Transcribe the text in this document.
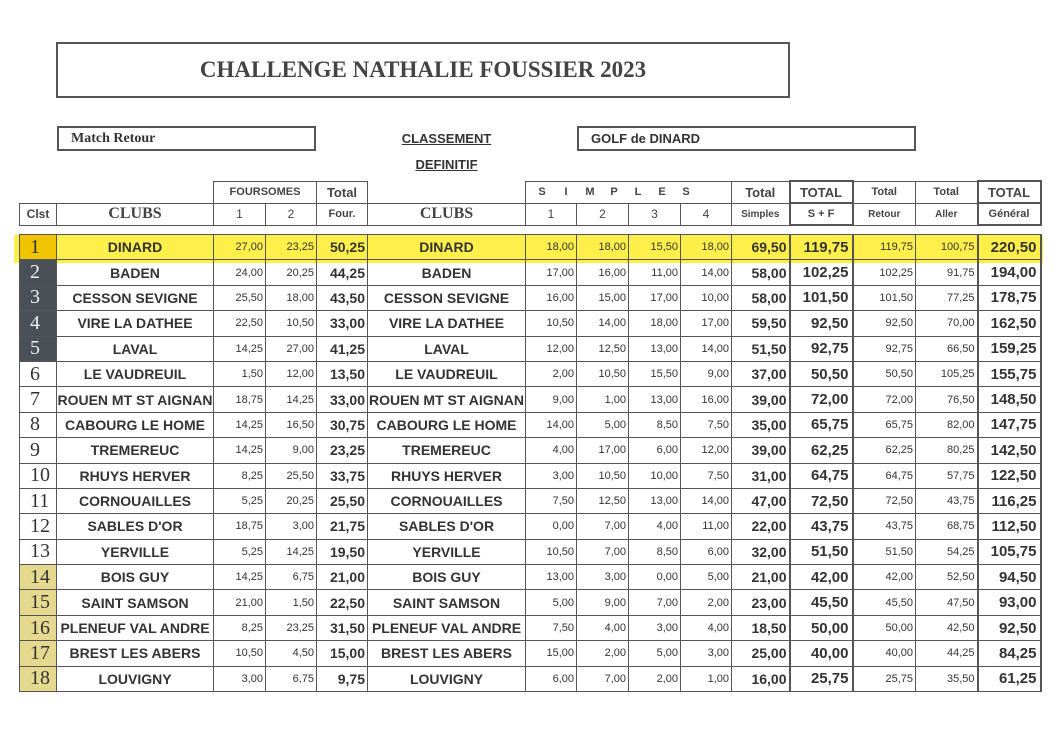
CHALLENGE NATHALIE FOUSSIER 2023
Match Retour	CLASSEMENT
DEFINITIF
GOLF de DINARD
		FOURSOMES		Total		S I M P L E S				Total	TOTAL	Total	Total	TOTAL
Clst	CLUBS	1	2	Four.	CLUBS	1	2	3	4	Simples	S + F	Retour	Aller	Général

1	DINARD	27,00	23,25	50,25	DINARD	18,00	18,00	15,50	18,00	69,50	119,75	119,75	100,75	220,50
2	BADEN	24,00	20,25	44,25	BADEN	17,00	16,00	11,00	14,00	58,00	102,25	102,25	91,75	194,00
3	CESSON SEVIGNE	25,50	18,00	43,50	CESSON SEVIGNE	16,00	15,00	17,00	10,00	58,00	101,50	101,50	77,25	178,75
4	VIRE LA DATHEE	22,50	10,50	33,00	VIRE LA DATHEE	10,50	14,00	18,00	17,00	59,50	92,50	92,50	70,00	162,50
5	LAVAL	14,25	27,00	41,25	LAVAL	12,00	12,50	13,00	14,00	51,50	92,75	92,75	66,50	159,25
6	LE VAUDREUIL	1,50	12,00	13,50	LE VAUDREUIL	2,00	10,50	15,50	9,00	37,00	50,50	50,50	105,25	155,75
7	ROUEN MT ST AIGNAN	18,75	14,25	33,00	ROUEN MT ST AIGNAN	9,00	1,00	13,00	16,00	39,00	72,00	72,00	76,50	148,50
8	CABOURG LE HOME	14,25	16,50	30,75	CABOURG LE HOME	14,00	5,00	8,50	7,50	35,00	65,75	65,75	82,00	147,75
9	TREMEREUC	14,25	9,00	23,25	TREMEREUC	4,00	17,00	6,00	12,00	39,00	62,25	62,25	80,25	142,50
10	RHUYS HERVER	8,25	25,50	33,75	RHUYS HERVER	3,00	10,50	10,00	7,50	31,00	64,75	64,75	57,75	122,50
11	CORNOUAILLES	5,25	20,25	25,50	CORNOUAILLES	7,50	12,50	13,00	14,00	47,00	72,50	72,50	43,75	116,25
12	SABLES D'OR	18,75	3,00	21,75	SABLES D'OR	0,00	7,00	4,00	11,00	22,00	43,75	43,75	68,75	112,50
13	YERVILLE	5,25	14,25	19,50	YERVILLE	10,50	7,00	8,50	6,00	32,00	51,50	51,50	54,25	105,75
14	BOIS GUY	14,25	6,75	21,00	BOIS GUY	13,00	3,00	0,00	5,00	21,00	42,00	42,00	52,50	94,50
15	SAINT SAMSON	21,00	1,50	22,50	SAINT SAMSON	5,00	9,00	7,00	2,00	23,00	45,50	45,50	47,50	93,00
16	PLENEUF VAL ANDRE	8,25	23,25	31,50	PLENEUF VAL ANDRE	7,50	4,00	3,00	4,00	18,50	50,00	50,00	42,50	92,50
17	BREST LES ABERS	10,50	4,50	15,00	BREST LES ABERS	15,00	2,00	5,00	3,00	25,00	40,00	40,00	44,25	84,25
18	LOUVIGNY	3,00	6,75	9,75	LOUVIGNY	6,00	7,00	2,00	1,00	16,00	25,75	25,75	35,50	61,25
